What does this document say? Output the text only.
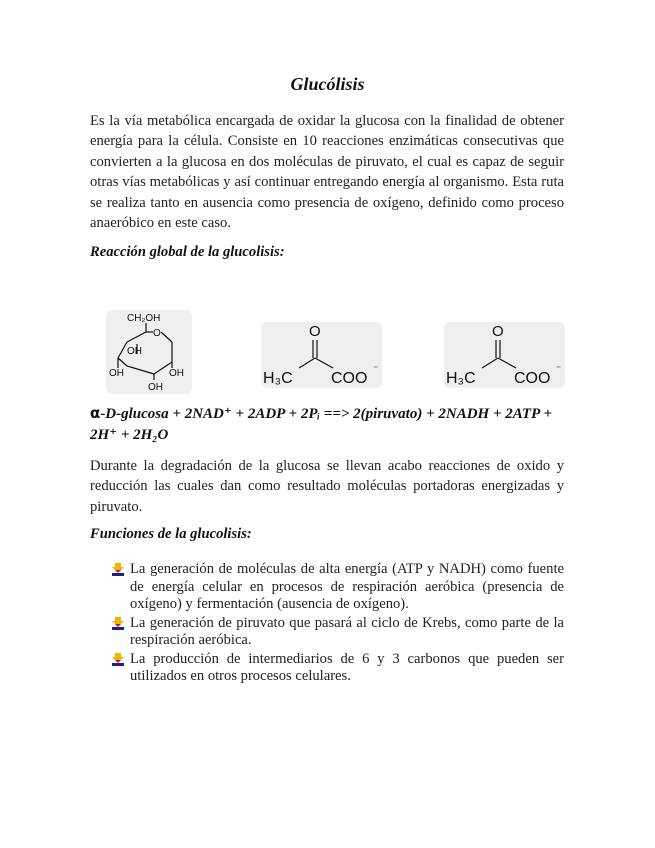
Glucólisis

Es la vía metabólica encargada de oxidar la glucosa con la finalidad de obtener energía para la célula. Consiste en 10 reacciones enzimáticas consecutivas que convierten a la glucosa en dos moléculas de piruvato, el cual es capaz de seguir otras vías metabólicas y así continuar entregando energía al organismo. Esta ruta se realiza tanto en ausencia como presencia de oxígeno, definido como proceso anaeróbico en este caso.

Reacción global de la glucolisis:
CH₂OH
O
OH
OH	OH
OH
O
H₃C COO
⁻
O
H₃C COO
⁻
α-D-glucosa + 2NAD⁺ + 2ADP + 2Pᵢ ==> 2(piruvato) + 2NADH + 2ATP + 2H⁺ + 2H₂O

Durante la degradación de la glucosa se llevan acabo reacciones de oxido y reducción las cuales dan como resultado moléculas portadoras energizadas y piruvato.

Funciones de la glucolisis:
La generación de moléculas de alta energía (ATP y NADH) como fuente de energía celular en procesos de respiración aeróbica (presencia de oxígeno) y fermentación (ausencia de oxígeno).
La generación de piruvato que pasará al ciclo de Krebs, como parte de la respiración aeróbica.
La producción de intermediarios de 6 y 3 carbonos que pueden ser utilizados en otros procesos celulares.
